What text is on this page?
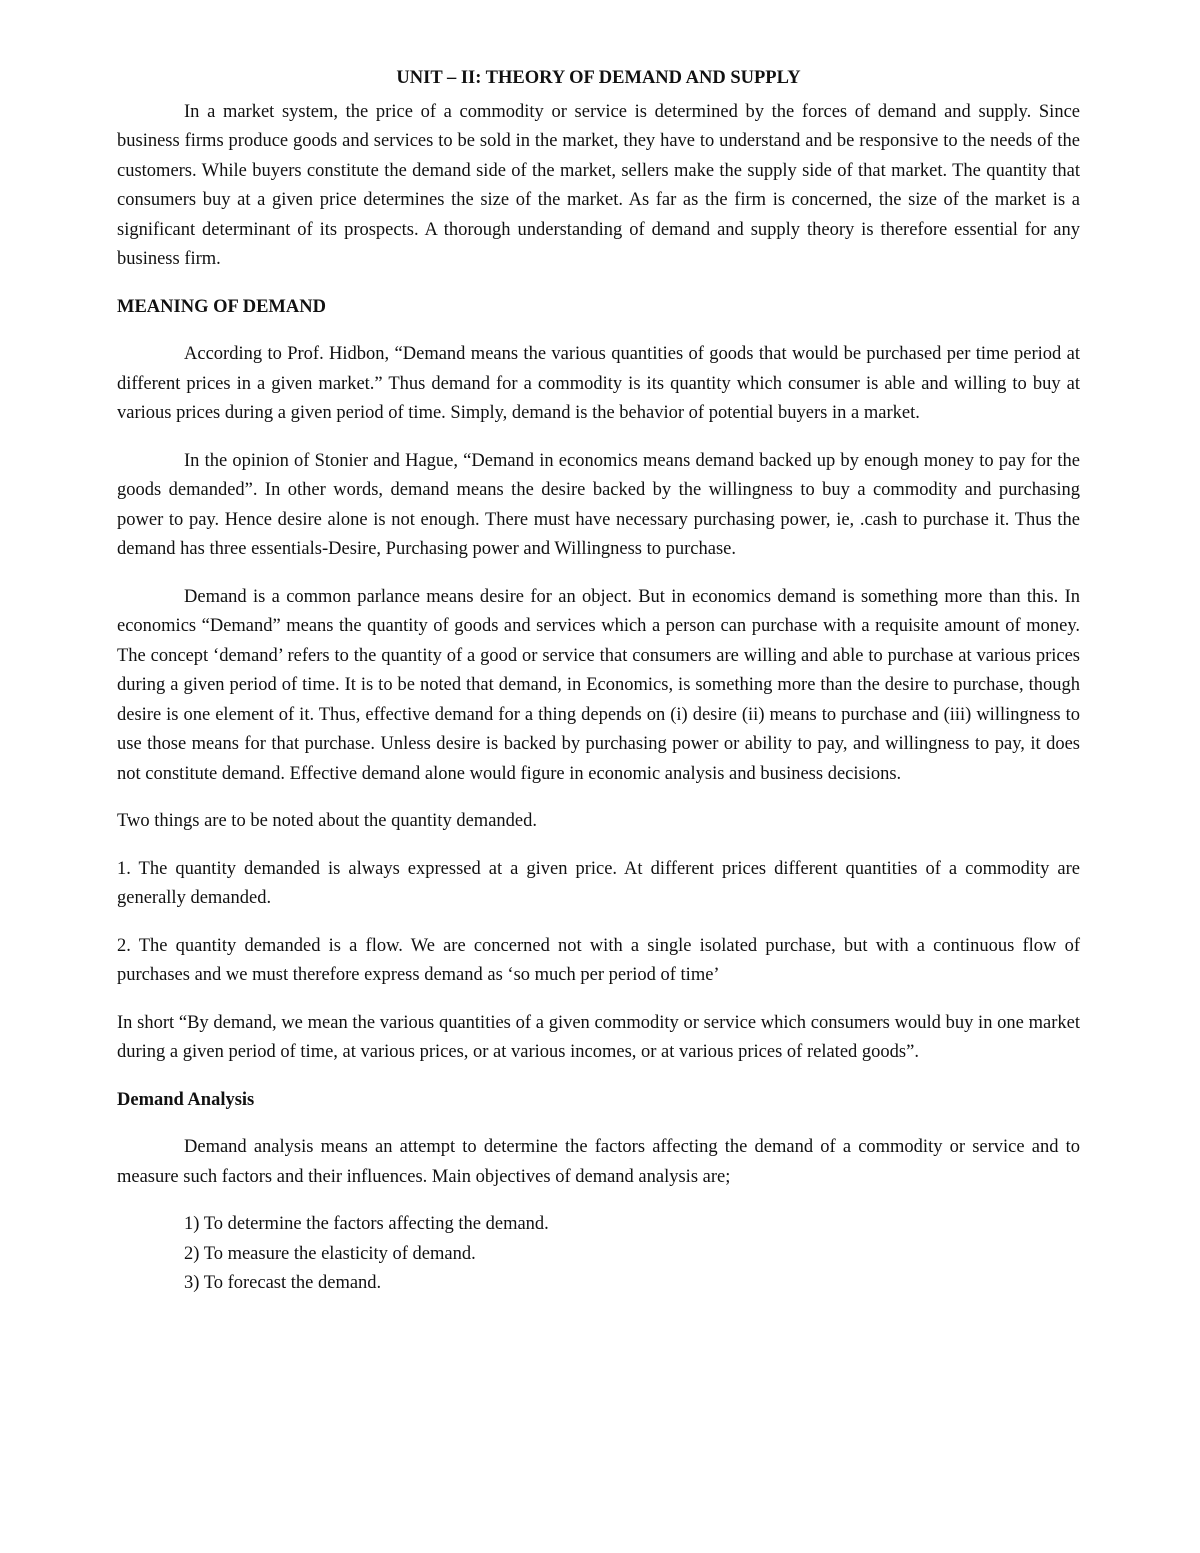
UNIT – II: THEORY OF DEMAND AND SUPPLY

In a market system, the price of a commodity or service is determined by the forces of demand and supply. Since business firms produce goods and services to be sold in the market, they have to understand and be responsive to the needs of the customers. While buyers constitute the demand side of the market, sellers make the supply side of that market. The quantity that consumers buy at a given price determines the size of the market. As far as the firm is concerned, the size of the market is a significant determinant of its prospects. A thorough understanding of demand and supply theory is therefore essential for any business firm.

MEANING OF DEMAND

According to Prof. Hidbon, “Demand means the various quantities of goods that would be purchased per time period at different prices in a given market.” Thus demand for a commodity is its quantity which consumer is able and willing to buy at various prices during a given period of time. Simply, demand is the behavior of potential buyers in a market.

In the opinion of Stonier and Hague, “Demand in economics means demand backed up by enough money to pay for the goods demanded”. In other words, demand means the desire backed by the willingness to buy a commodity and purchasing power to pay. Hence desire alone is not enough. There must have necessary purchasing power, ie, .cash to purchase it. Thus the demand has three essentials-Desire, Purchasing power and Willingness to purchase.

Demand is a common parlance means desire for an object. But in economics demand is something more than this. In economics “Demand” means the quantity of goods and services which a person can purchase with a requisite amount of money. The concept ‘demand’ refers to the quantity of a good or service that consumers are willing and able to purchase at various prices during a given period of time. It is to be noted that demand, in Economics, is something more than the desire to purchase, though desire is one element of it. Thus, effective demand for a thing depends on (i) desire (ii) means to purchase and (iii) willingness to use those means for that purchase. Unless desire is backed by purchasing power or ability to pay, and willingness to pay, it does not constitute demand. Effective demand alone would figure in economic analysis and business decisions.

Two things are to be noted about the quantity demanded.

1. The quantity demanded is always expressed at a given price. At different prices different quantities of a commodity are generally demanded.

2. The quantity demanded is a flow. We are concerned not with a single isolated purchase, but with a continuous flow of purchases and we must therefore express demand as ‘so much per period of time’

In short “By demand, we mean the various quantities of a given commodity or service which consumers would buy in one market during a given period of time, at various prices, or at various incomes, or at various prices of related goods”.

Demand Analysis

Demand analysis means an attempt to determine the factors affecting the demand of a commodity or service and to measure such factors and their influences. Main objectives of demand analysis are;

1) To determine the factors affecting the demand.
2) To measure the elasticity of demand.
3) To forecast the demand.
